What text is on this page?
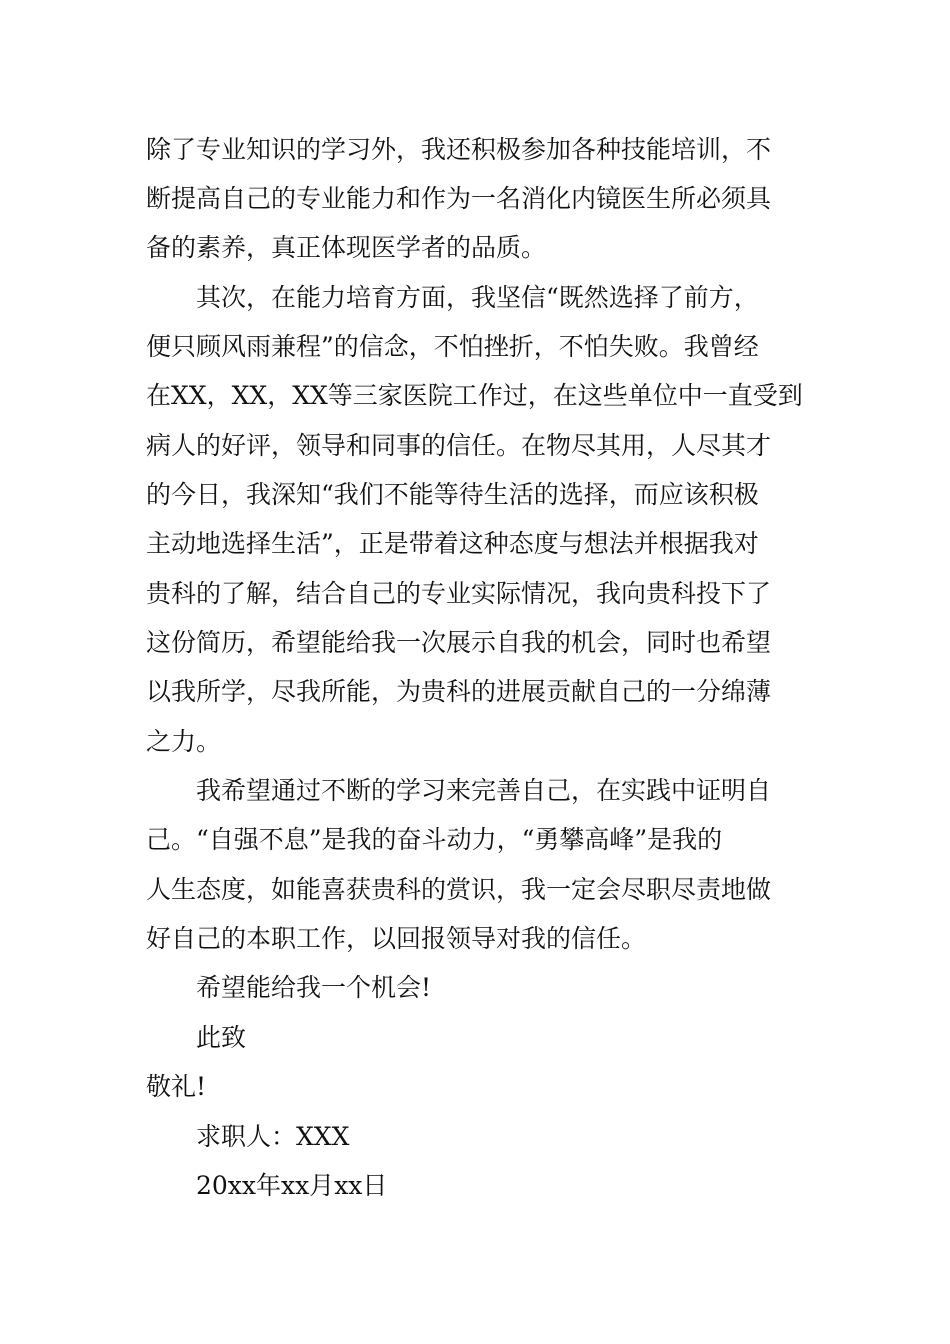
除了专业知识的学习外，我还积极参加各种技能培训，不
断提高自己的专业能力和作为一名消化内镜医生所必须具
备的素养，真正体现医学者的品质。
其次，在能力培育方面，我坚信“既然选择了前方，
便只顾风雨兼程”的信念，不怕挫折，不怕失败。我曾经
在XX，XX，XX等三家医院工作过，在这些单位中一直受到
病人的好评，领导和同事的信任。在物尽其用，人尽其才
的今日，我深知“我们不能等待生活的选择，而应该积极
主动地选择生活”，正是带着这种态度与想法并根据我对
贵科的了解，结合自己的专业实际情况，我向贵科投下了
这份简历，希望能给我一次展示自我的机会，同时也希望
以我所学，尽我所能，为贵科的进展贡献自己的一分绵薄
之力。
我希望通过不断的学习来完善自己，在实践中证明自
己。“自强不息”是我的奋斗动力，“勇攀高峰”是我的
人生态度，如能喜获贵科的赏识，我一定会尽职尽责地做
好自己的本职工作，以回报领导对我的信任。
希望能给我一个机会!
此致
敬礼!
求职人：XXX
20xx年xx月xx日
